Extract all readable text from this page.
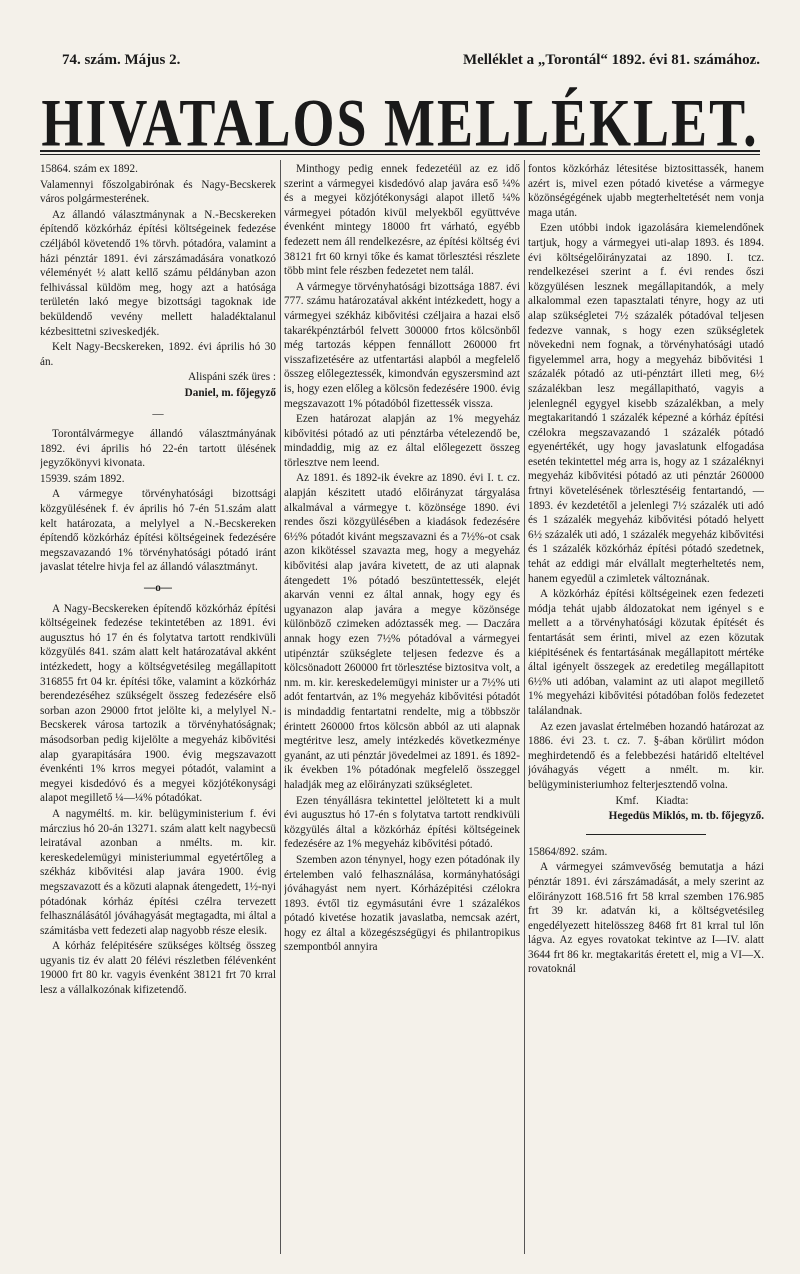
74. szám. Május 2.	Melléklet a „Torontál“ 1892. évi 81. számához.
HIVATALOS MELLÉKLET.

15864. szám ex 1892.

Valamennyi főszolgabirónak és Nagy-Becskerek város polgármesterének.

Az állandó választmánynak a N.-Becskereken építendő közkórház építési költségeinek fedezése czéljából követendő 1% törvh. pótadóra, valamint a házi pénztár 1891. évi zárszámadására vonatkozó véleményét ½ alatt kellő számu példányban azon felhivással küldöm meg, hogy azt a hatósága területén lakó megye bizottsági tagoknak ide beküldendő vevény mellett haladéktalanul kézbesittetni sziveskedjék.

Kelt Nagy-Becskereken, 1892. évi április hó 30 án.

Alispáni szék üres :

Daniel, m. főjegyző

—

Torontálvármegye állandó választmányának 1892. évi április hó 22-én tartott ülésének jegyzőkönyvi kivonata.

15939. szám 1892.

A vármegye törvényhatósági bizottsági közgyülésének f. év április hó 7-én 51.szám alatt kelt határozata, a melylyel a N.-Becskereken építendő közkórház építési költségeinek fedezésére megszavazandó 1% törvényhatósági pótadó iránt javaslat tételre hivja fel az állandó választmányt.

—o—

A Nagy-Becskereken építendő közkórház építési költségeinek fedezése tekintetében az 1891. évi augusztus hó 17 én és folytatva tartott rendkivüli közgyülés 841. szám alatt kelt határozatával akként intézkedett, hogy a költségvetésileg megállapitott 316855 frt 04 kr. építési tőke, valamint a közkórház berendezéséhez szükségelt összeg fedezésére első sorban azon 29000 frtot jelölte ki, a melylyel N.-Becskerek városa tartozik a törvényhatóságnak; másodsorban pedig kijelölte a megyeház kibővitési alap gyarapitására 1900. évig megszavazott évenkénti 1% krros megyei pótadót, valamint a megyei kisdedóvó és a megyei közjótékonysági alapot megillető ¼—¼% pótadókat.

A nagyméltś. m. kir. belügyministerium f. évi márczius hó 20-án 13271. szám alatt kelt nagybecsü leiratával azonban a nmélts. m. kir. kereskedelemügyi ministeriummal egyetértőleg a székház kibővitési alap javára 1900. évig megszavazott és a közuti alapnak átengedett, 1½-nyi pótadónak kórház építési czélra tervezett felhasználásától jóváhagyását megtagadta, mi által a számitásba vett fedezeti alap nagyobb része elesik.

A kórház felépitésére szükséges költség összeg ugyanis tiz év alatt 20 félévi részletben félévenként 19000 frt 80 kr. vagyis évenként 38121 frt 70 krral lesz a vállalkozónak kifizetendő.

Minthogy pedig ennek fedezetéül az ez idő szerint a vármegyei kisdedóvó alap javára eső ¼% és a megyei közjótékonysági alapot illető ¼% vármegyei pótadón kivül melyekből együttvéve évenként mintegy 18000 frt várható, egyébb fedezett nem áll rendelkezésre, az építési költség évi 38121 frt 60 krnyi tőke és kamat törlesztési részlete több mint fele részben fedezetet nem talál.

A vármegye törvényhatósági bizottsága 1887. évi 777. számu határozatával akként intézkedett, hogy a vármegyei székház kibővitési czéljaira a hazai első takarékpénztárból felvett 300000 frtos kölcsönből még tartozás képpen fennállott 260000 frt visszafizetésére az utfentartási alapból a megfelelő összeg előlegeztessék, kimondván egyszersmind azt is, hogy ezen előleg a kölcsön fedezésére 1900. évig megszavazott 1% pótadóból fizettessék vissza.

Ezen határozat alapján az 1% megyeház kibővitési pótadó az uti pénztárba vételezendő be, mindaddig, mig az ez által előlegezett összeg törlesztve nem leend.

Az 1891. és 1892-ik évekre az 1890. évi I. t. cz. alapján készitett utadó előirányzat tárgyalása alkalmával a vármegye t. közönsége 1890. évi rendes őszi közgyülésében a kiadások fedezésére 6½% pótadót kivánt megszavazni és a 7½%-ot csak azon kikötéssel szavazta meg, hogy a megyeház kibővitési alap javára kivetett, de az uti alapnak átengedett 1% pótadó beszüntettessék, elejét akarván venni ez által annak, hogy egy és ugyanazon alap javára a megye közönsége különböző czimeken adóztassék meg. — Daczára annak hogy ezen 7½% pótadóval a vármegyei utipénztár szükséglete teljesen fedezve és a kölcsönadott 260000 frt törlesztése biztositva volt, a nm. m. kir. kereskedelemügyi minister ur a 7½% uti adót fentartván, az 1% megyeház kibővitési pótadót is mindaddig fentartatni rendelte, mig a többször érintett 260000 frtos kölcsön abból az uti alapnak megtéritve lesz, amely intézkedés következménye gyanánt, az uti pénztár jövedelmei az 1891. és 1892-ik években 1% pótadónak megfelelő összeggel haladják meg az előirányzati szükségletet.

Ezen tényállásra tekintettel jelöltetett ki a mult évi augusztus hó 17-én s folytatva tartott rendkivüli közgyülés által a közkórház építési költségeinek fedezésére az 1% megyeház kibővitési pótadó.

Szemben azon ténynyel, hogy ezen pótadónak ily értelemben való felhasználása, kormányhatósági jóváhagyást nem nyert. Kórházépitési czélokra 1893. évtől tiz egymásutáni évre 1 százalékos pótadó kivetése hozatik javaslatba, nemcsak azért, hogy ez által a közegészségügyi és philantropikus szempontból annyira

fontos közkórház létesitése biztosittassék, hanem azért is, mivel ezen pótadó kivetése a vármegye közönségégének ujabb megterheltetését nem vonja maga után.

Ezen utóbbi indok igazolására kiemelendőnek tartjuk, hogy a vármegyei uti-alap 1893. és 1894. évi költségelőirányzatai az 1890. I. tcz. rendelkezései szerint a f. évi rendes őszi közgyülésen lesznek megállapitandók, a mely alkalommal ezen tapasztalati tényre, hogy az uti alap szükségletei 7½ százalék pótadóval teljesen fedezve vannak, s hogy ezen szükségletek növekedni nem fognak, a törvényhatósági utadó figyelemmel arra, hogy a megyeház bibővitési 1 százalék pótadó az uti-pénztárt illeti meg, 6½ százalékban lesz megállapitható, vagyis a jelenlegnél egygyel kisebb százalékban, a mely megtakaritandó 1 százalék képezné a kórház építési czélokra megszavazandó 1 százalék pótadó egyenértékét, ugy hogy javaslatunk elfogadása esetén tekintettel még arra is, hogy az 1 százaléknyi megyeház kibővitési pótadó az uti pénztár 260000 frtnyi követelésének törlesztéséig fentartandó, — 1893. év kezdetétől a jelenlegi 7½ százalék uti adó és 1 százalék megyeház kibővitési pótadó helyett 6½ százalék uti adó, 1 százalék megyeház kibővitési és 1 százalék közkórház építési pótadó szedetnek, tehát az eddigi már elvállalt megterheltetés nem, hanem egyedül a czimletek változnának.

A közkórház építési költségeinek ezen fedezeti módja tehát ujabb áldozatokat nem igényel s e mellett a a törvényhatósági közutak építését és fentartását sem érinti, mivel az ezen közutak kiépitésének és fentartásának megállapitott mértéke által igényelt összegek az eredetileg megállapitott 6½% uti adóban, valamint az uti alapot megillető 1% megyeházi kibővitési pótadóban folös fedezetet találandnak.

Az ezen javaslat értelmében hozandó határozat az 1886. évi 23. t. cz. 7. §-ában körülirt módon meghirdetendő és a felebbezési határidő elteltével jóváhagyás végett a nmélt. m. kir. belügyministeriumhoz felterjesztendő volna.

Kmf.      Kiadta:

Hegedüs Miklós, m. tb. főjegyző.

15864/892. szám.

A vármegyei számvevőség bemutatja a házi pénztár 1891. évi zárszámadását, a mely szerint az előirányzott 168.516 frt 58 krral szemben 176.985 frt 39 kr. adatván ki, a költségvetésileg engedélyezett hitelösszeg 8468 frt 81 krral tul lőn lágva. Az egyes rovatokat tekintve az I—IV. alatt 3644 frt 86 kr. megtakaritás éretett el, mig a VI—X. rovatoknál
